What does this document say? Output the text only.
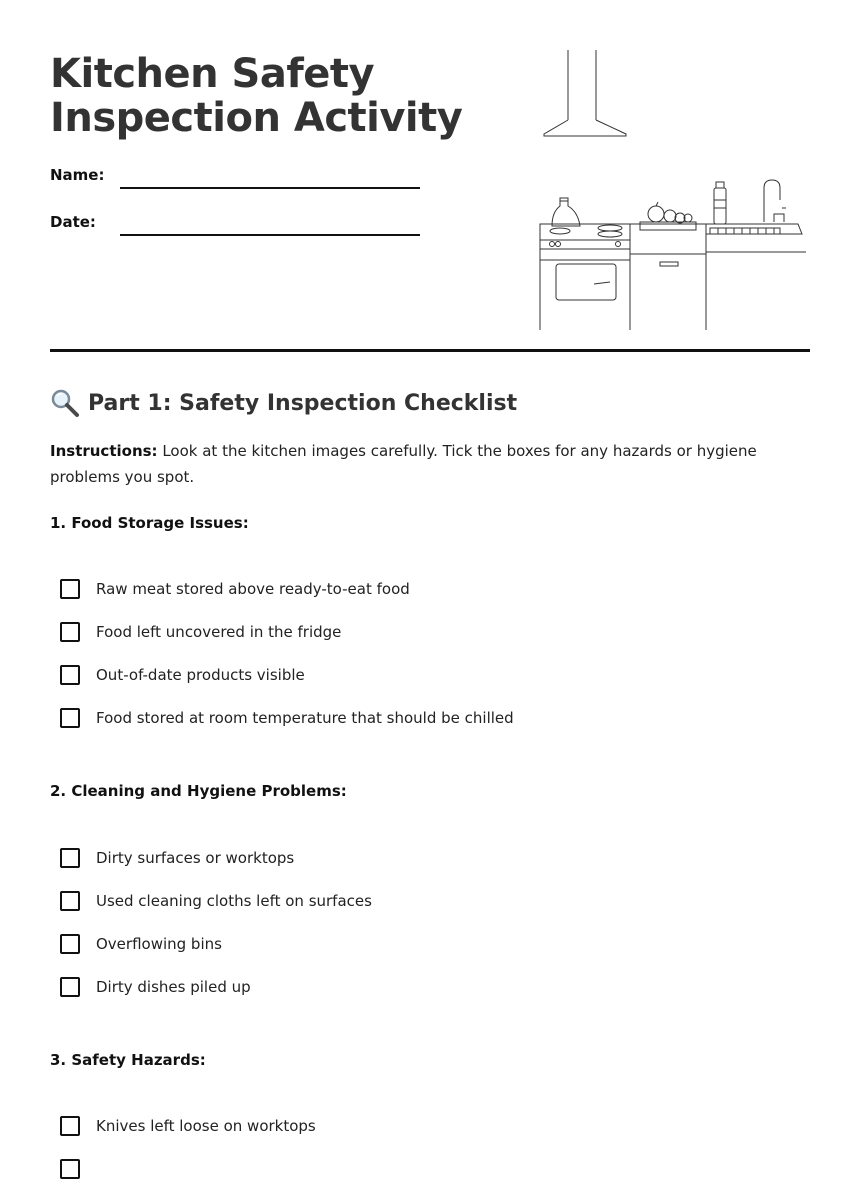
Kitchen Safety
Inspection Activity
Name:
Date:
Part 1: Safety Inspection Checklist

Instructions: Look at the kitchen images carefully. Tick the boxes for any hazards or hygiene problems you spot.

1. Food Storage Issues:
Raw meat stored above ready-to-eat food
Food left uncovered in the fridge
Out-of-date products visible
Food stored at room temperature that should be chilled
2. Cleaning and Hygiene Problems:
Dirty surfaces or worktops
Used cleaning cloths left on surfaces
Overflowing bins
Dirty dishes piled up
3. Safety Hazards:
Knives left loose on worktops
